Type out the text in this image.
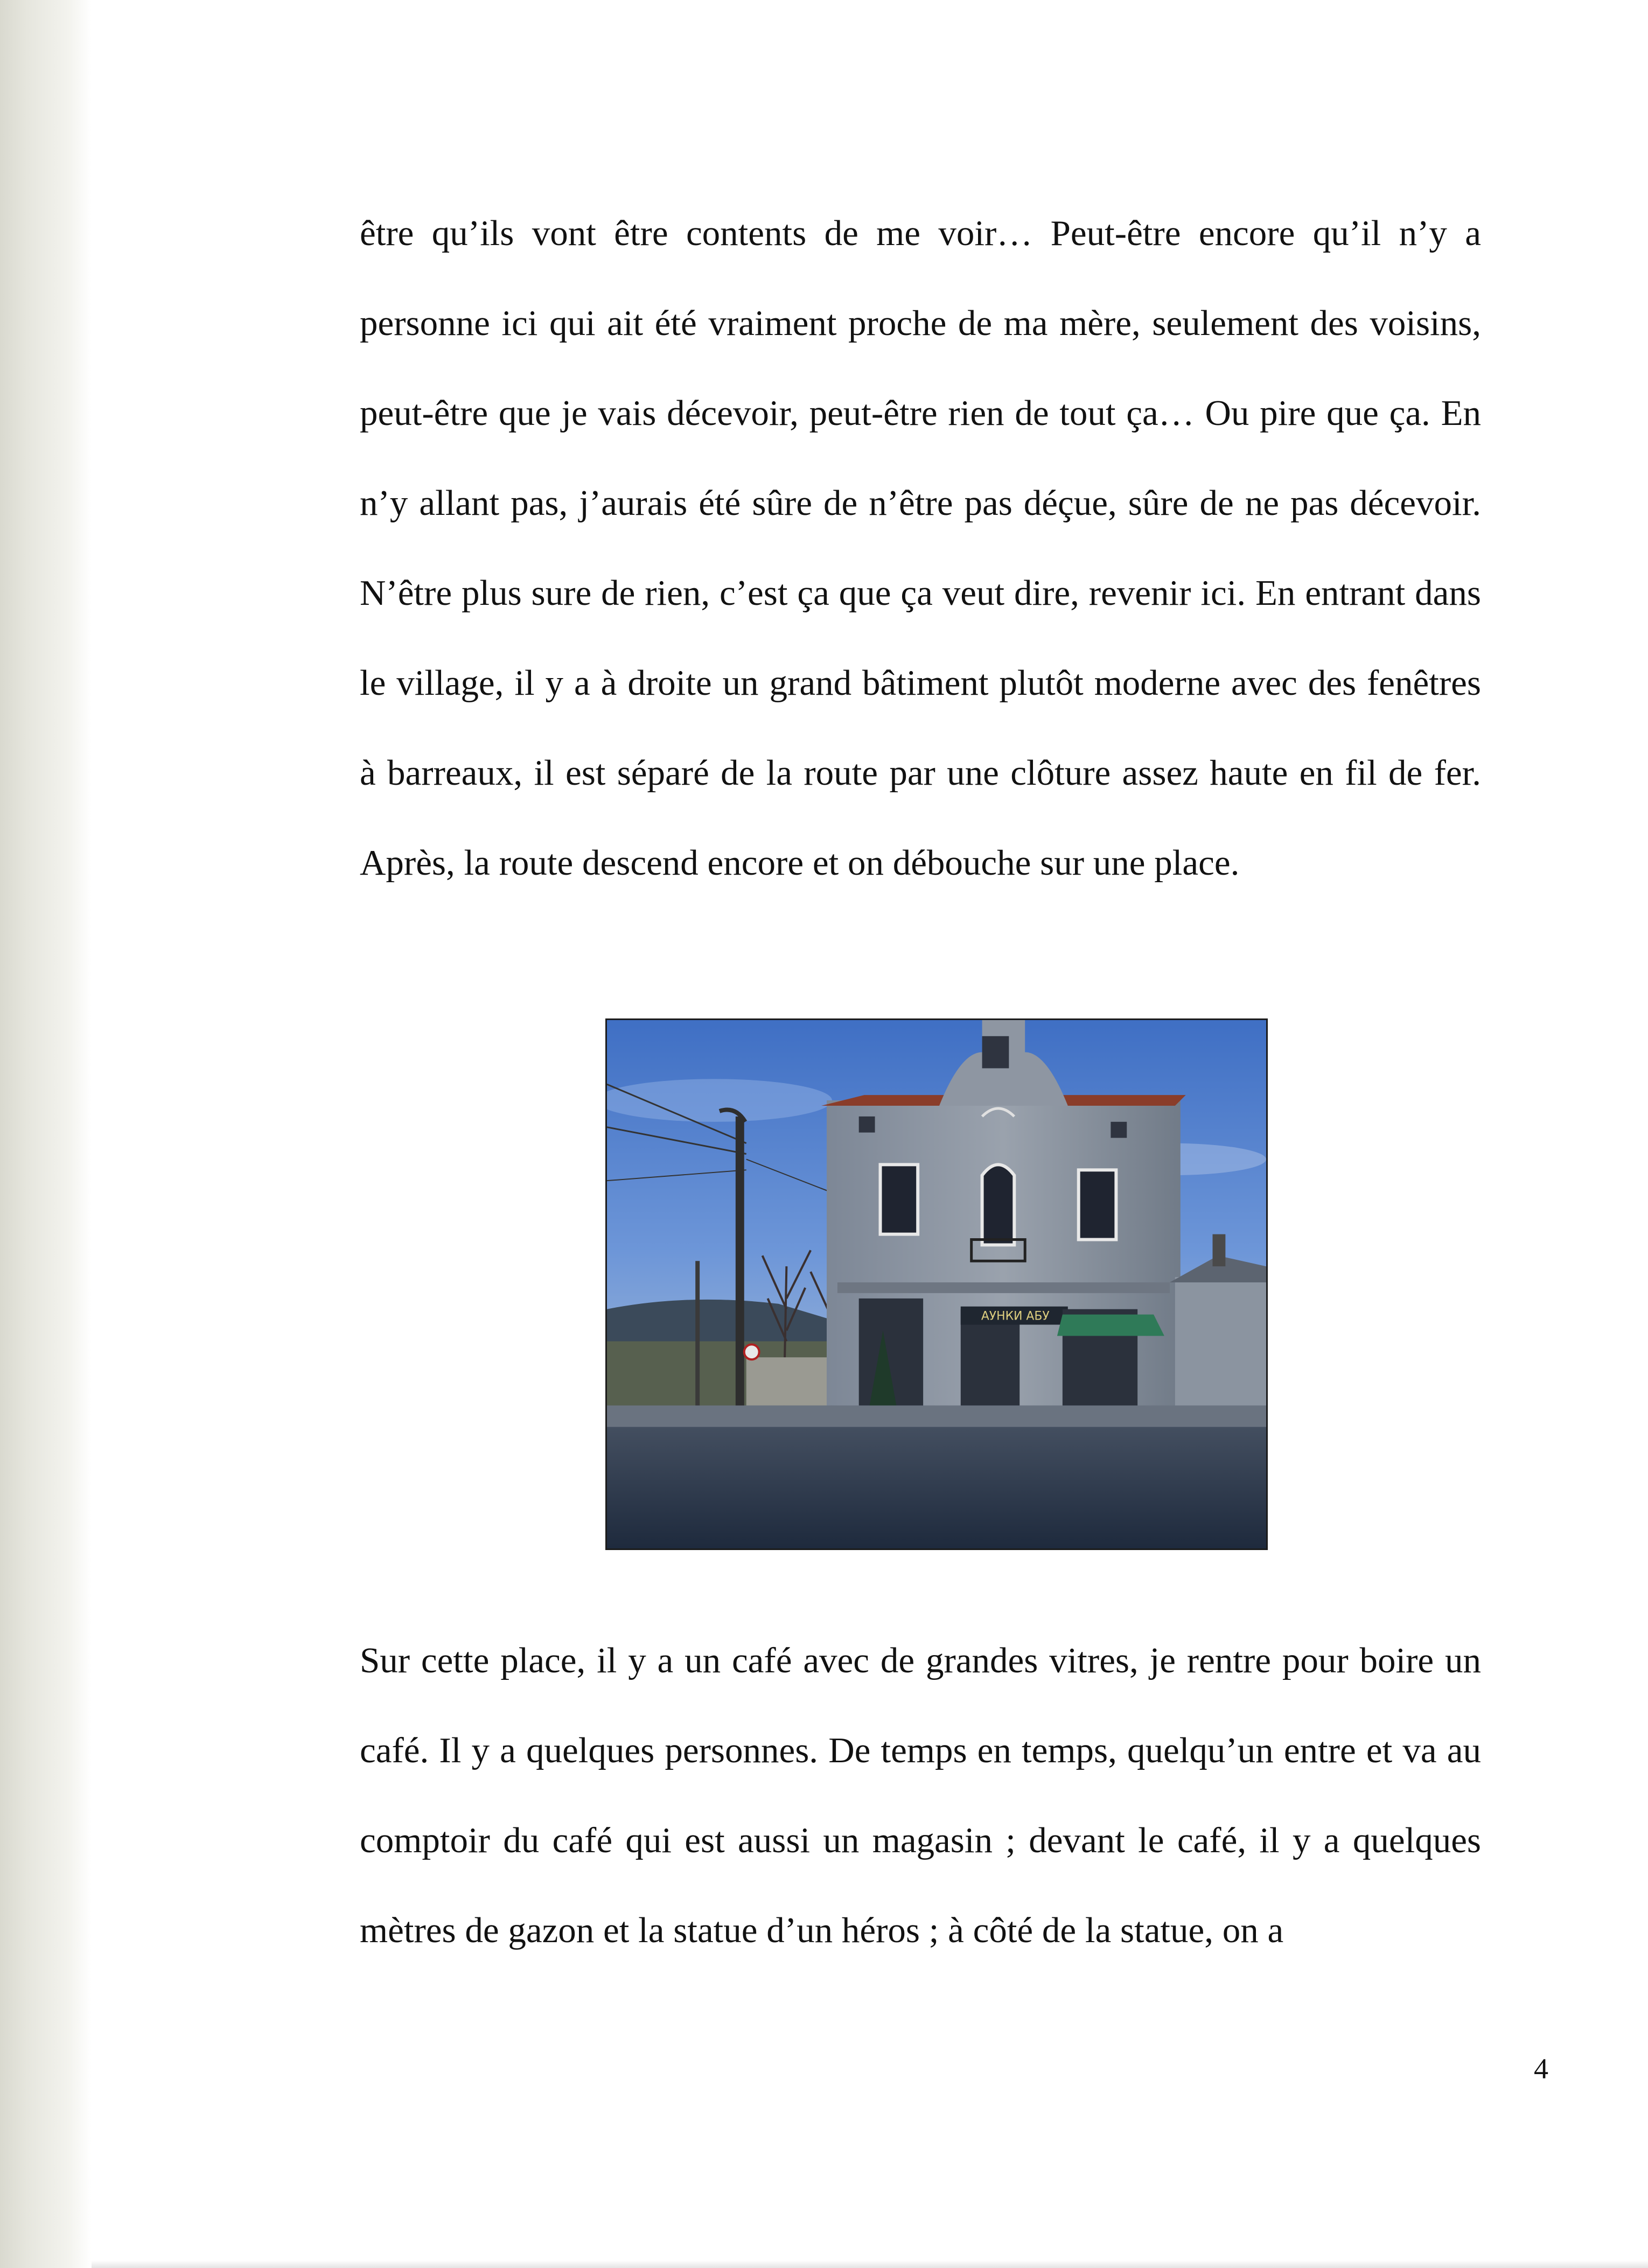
être qu’ils vont être contents de me voir… Peut-être encore qu’il n’y a personne ici qui ait été vraiment proche de ma mère, seulement des voisins, peut-être que je vais décevoir, peut-être rien de tout ça… Ou pire que ça. En n’y allant pas, j’aurais été sûre de n’être pas déçue, sûre de ne pas décevoir. N’être plus sure de rien, c’est ça que ça veut dire, revenir ici. En entrant dans le village, il y a à droite un grand bâtiment plutôt moderne avec des fenêtres à barreaux, il est séparé de la route par une clôture assez haute en fil de fer. Après, la route descend encore et on débouche sur une place.

АУНКИ АБУ

Sur cette place, il y a un café avec de grandes vitres, je rentre pour boire un café. Il y a quelques personnes. De temps en temps, quelqu’un entre et va au comptoir du café qui est aussi un magasin ; devant le café, il y a quelques mètres de gazon et la statue d’un héros ; à côté de la statue, on a

4
